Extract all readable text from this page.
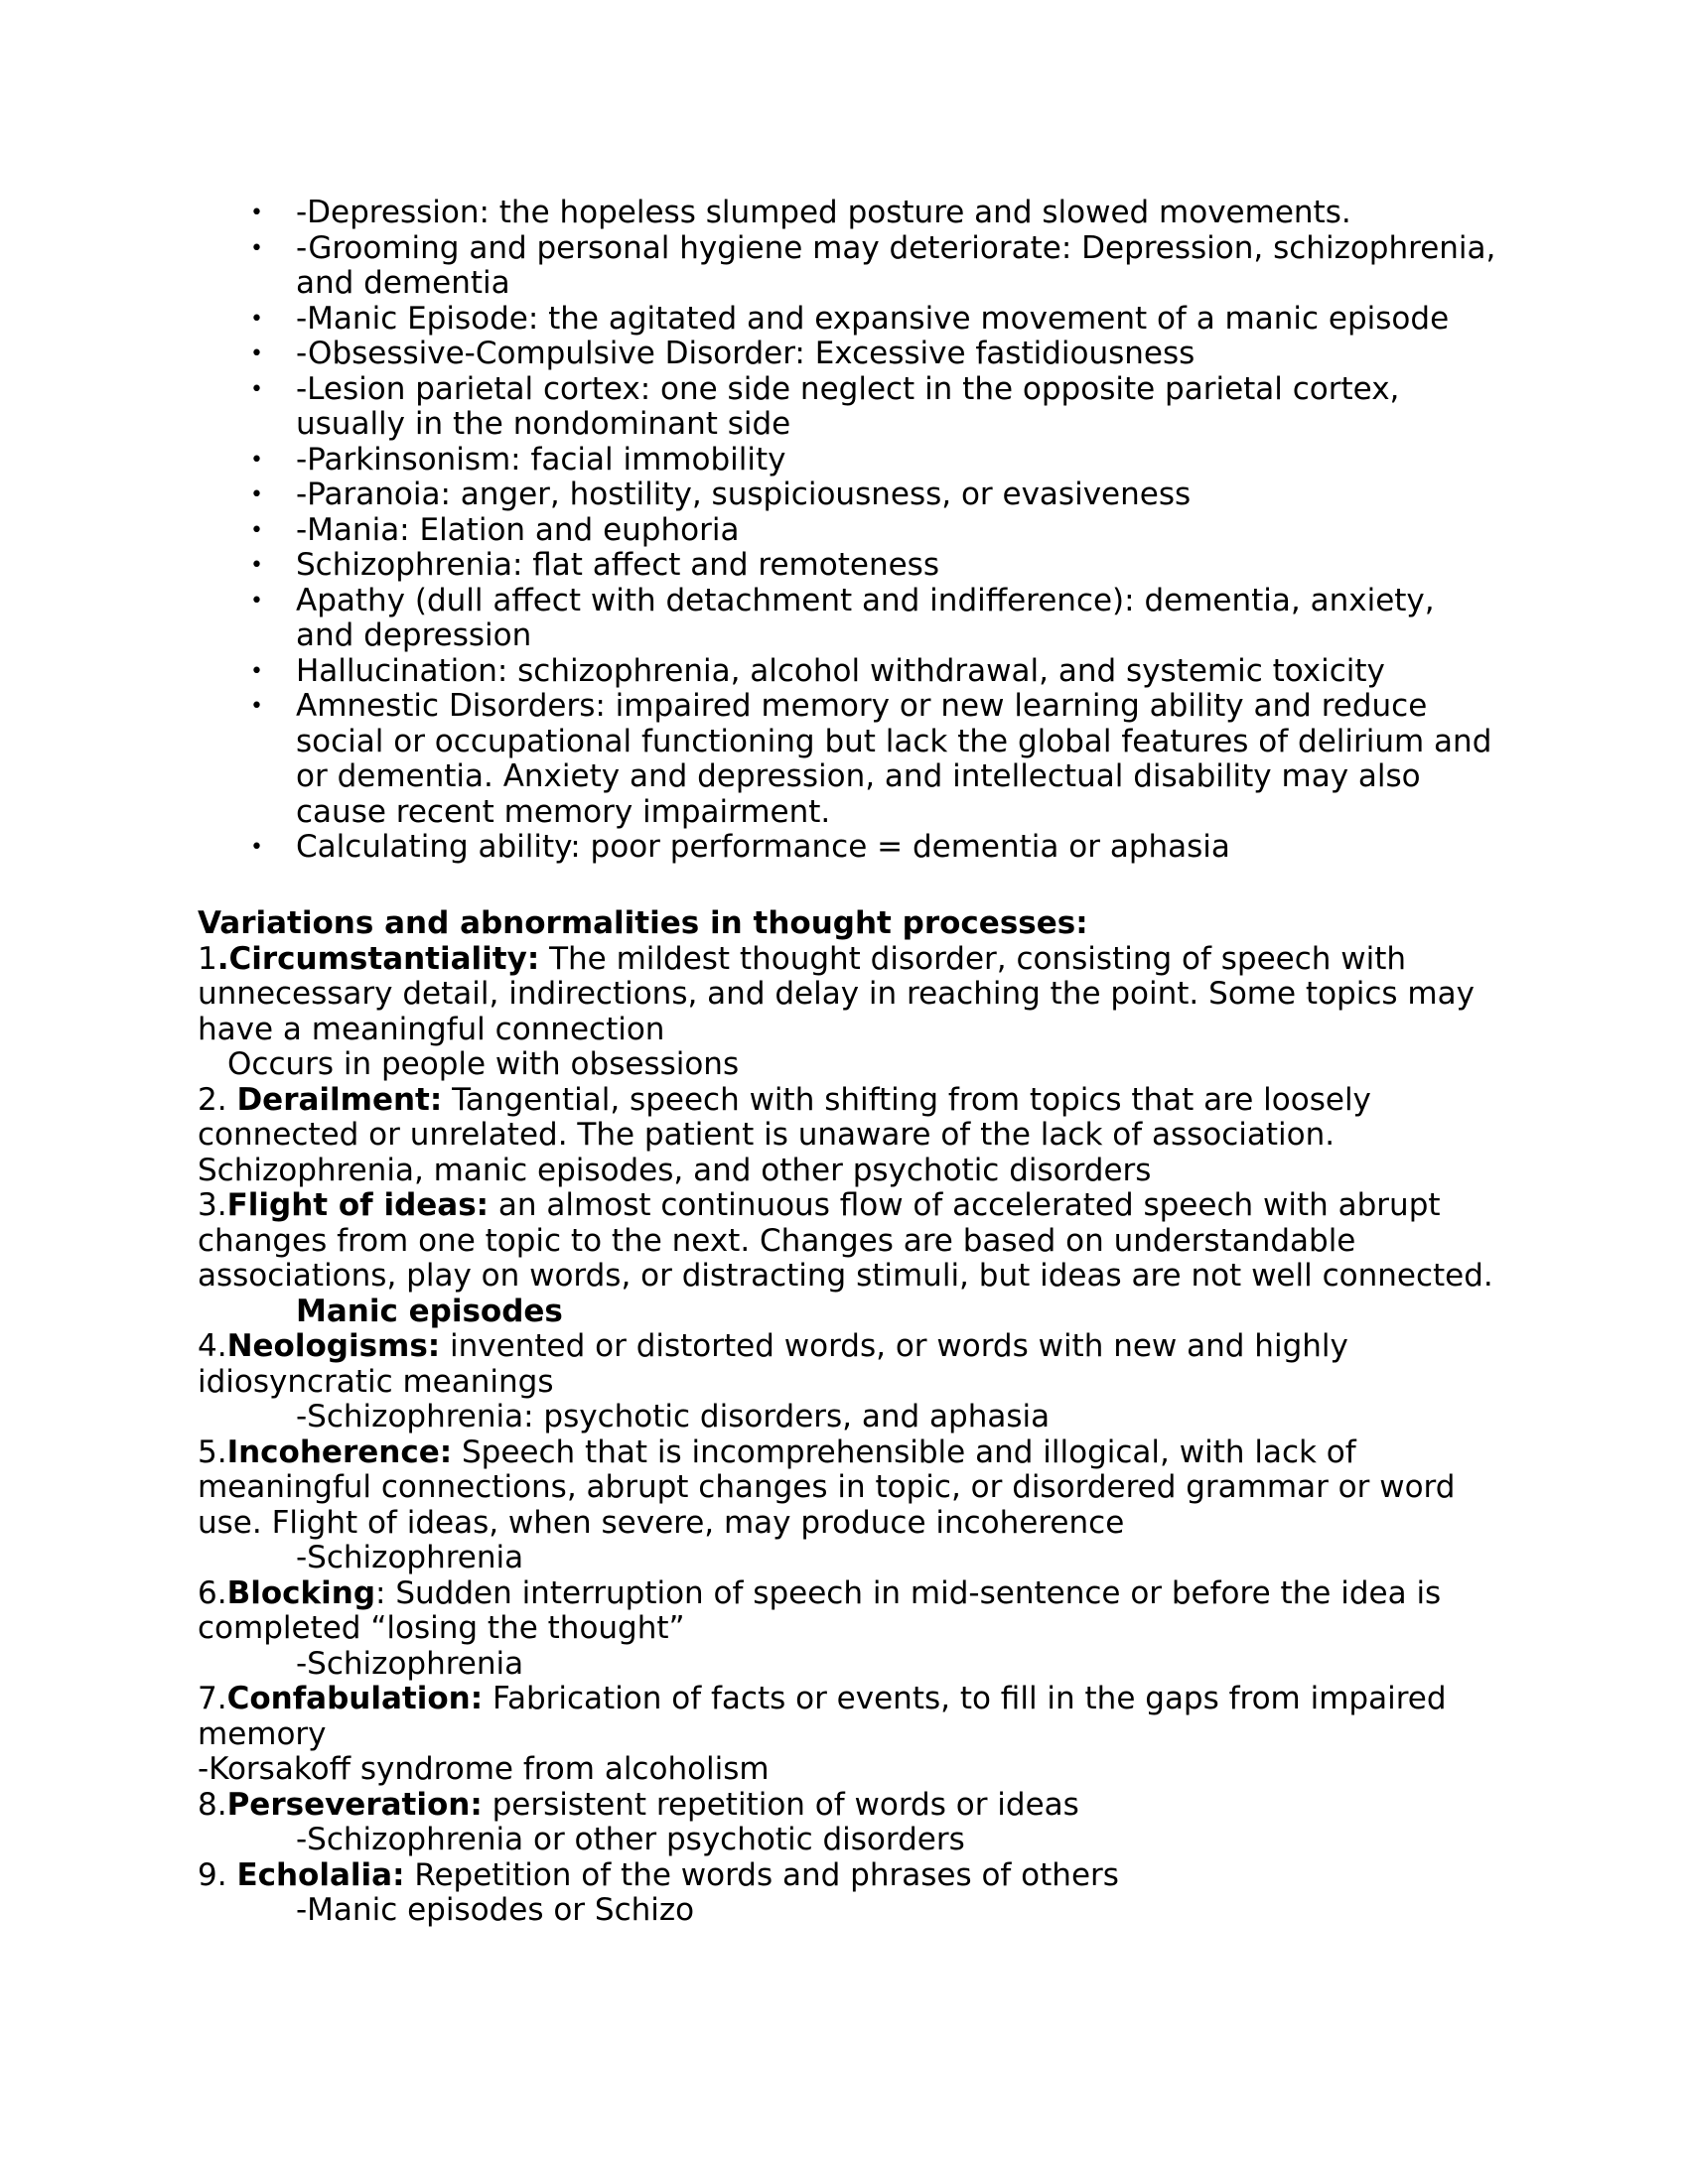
• -Depression: the hopeless slumped posture and slowed movements.
• -Grooming and personal hygiene may deteriorate: Depression, schizophrenia, and dementia
• -Manic Episode: the agitated and expansive movement of a manic episode
• -Obsessive-Compulsive Disorder: Excessive fastidiousness
• -Lesion parietal cortex: one side neglect in the opposite parietal cortex, usually in the nondominant side
• -Parkinsonism: facial immobility
• -Paranoia: anger, hostility, suspiciousness, or evasiveness
• -Mania: Elation and euphoria
• Schizophrenia: flat affect and remoteness
• Apathy (dull affect with detachment and indifference): dementia, anxiety, and depression
• Hallucination: schizophrenia, alcohol withdrawal, and systemic toxicity
• Amnestic Disorders: impaired memory or new learning ability and reduce social or occupational functioning but lack the global features of delirium and or dementia. Anxiety and depression, and intellectual disability may also cause recent memory impairment.
• Calculating ability: poor performance = dementia or aphasia

Variations and abnormalities in thought processes:

1.Circumstantiality: The mildest thought disorder, consisting of speech with unnecessary detail, indirections, and delay in reaching the point. Some topics may have a meaningful connection

Occurs in people with obsessions

2. Derailment: Tangential, speech with shifting from topics that are loosely connected or unrelated. The patient is unaware of the lack of association. Schizophrenia, manic episodes, and other psychotic disorders

3.Flight of ideas: an almost continuous flow of accelerated speech with abrupt changes from one topic to the next. Changes are based on understandable associations, play on words, or distracting stimuli, but ideas are not well connected.

Manic episodes

4.Neologisms: invented or distorted words, or words with new and highly idiosyncratic meanings

-Schizophrenia: psychotic disorders, and aphasia

5.Incoherence: Speech that is incomprehensible and illogical, with lack of meaningful connections, abrupt changes in topic, or disordered grammar or word use. Flight of ideas, when severe, may produce incoherence

-Schizophrenia

6.Blocking: Sudden interruption of speech in mid-sentence or before the idea is completed “losing the thought”

-Schizophrenia

7.Confabulation: Fabrication of facts or events, to fill in the gaps from impaired memory

-Korsakoff syndrome from alcoholism

8.Perseveration: persistent repetition of words or ideas

-Schizophrenia or other psychotic disorders

9. Echolalia: Repetition of the words and phrases of others

-Manic episodes or Schizo
